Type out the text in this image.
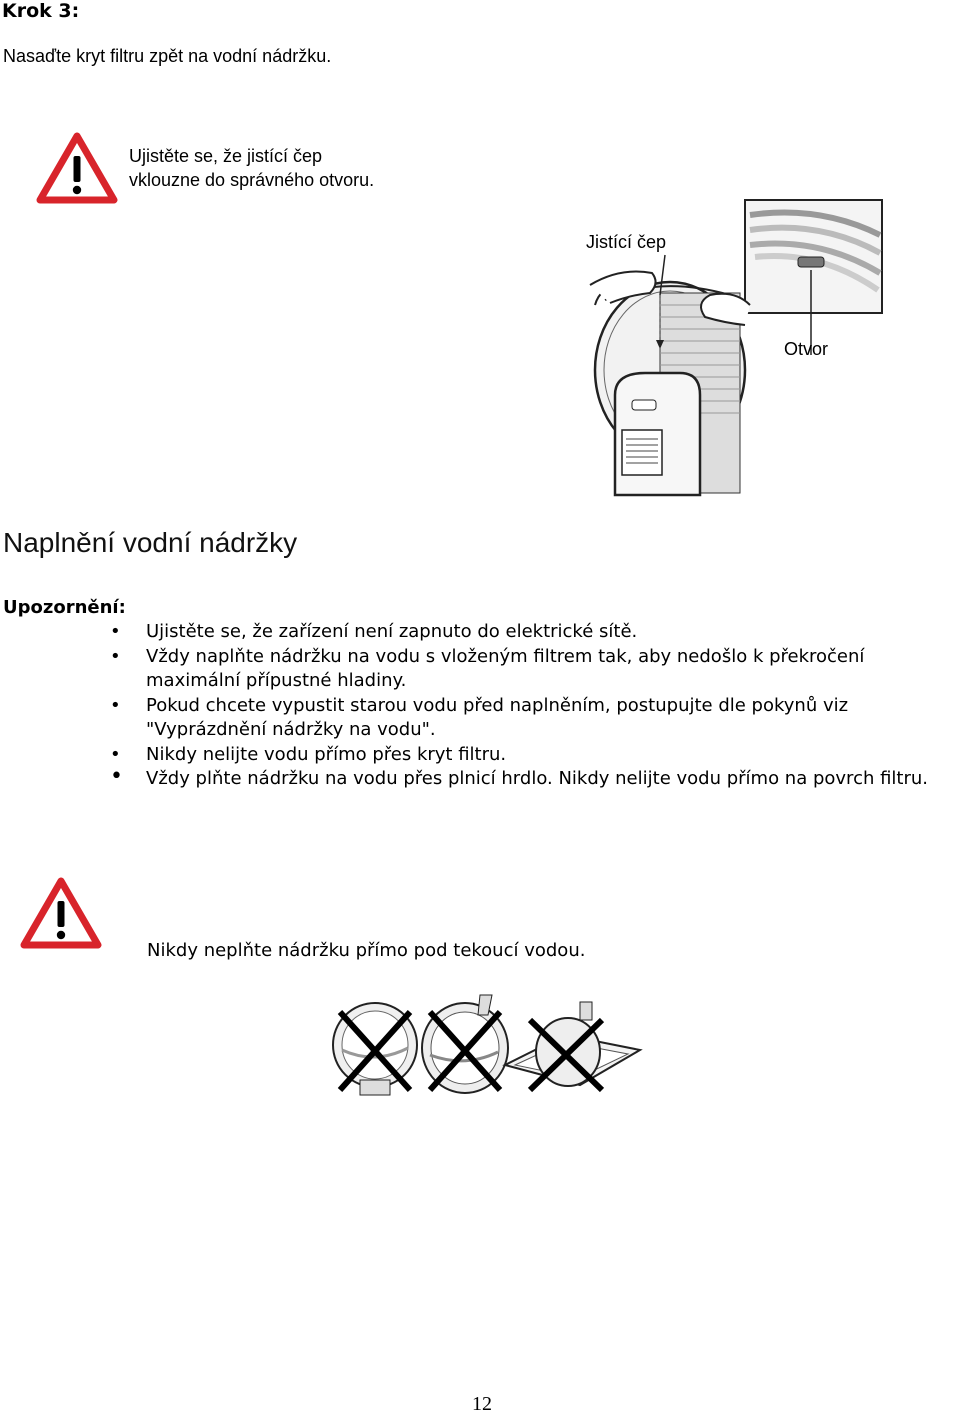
Krok 3:
Nasaďte kryt filtru zpět na vodní nádržku.
Ujistěte se, že jistící čep
vklouzne do správného otvoru.
Jistící čep
Otvor
Naplnění vodní nádržky
Upozornění:
• Ujistěte se, že zařízení není zapnuto do elektrické sítě.
• Vždy naplňte nádržku na vodu s vloženým filtrem tak, aby nedošlo k překročení maximální přípustné hladiny.
• Pokud chcete vypustit starou vodu před naplněním, postupujte dle pokynů viz "Vyprázdnění nádržky na vodu".
• Nikdy nelijte vodu přímo přes kryt filtru.
• Vždy plňte nádržku na vodu přes plnicí hrdlo. Nikdy nelijte vodu přímo na povrch filtru.
Nikdy neplňte nádržku přímo pod tekoucí vodou.
12
